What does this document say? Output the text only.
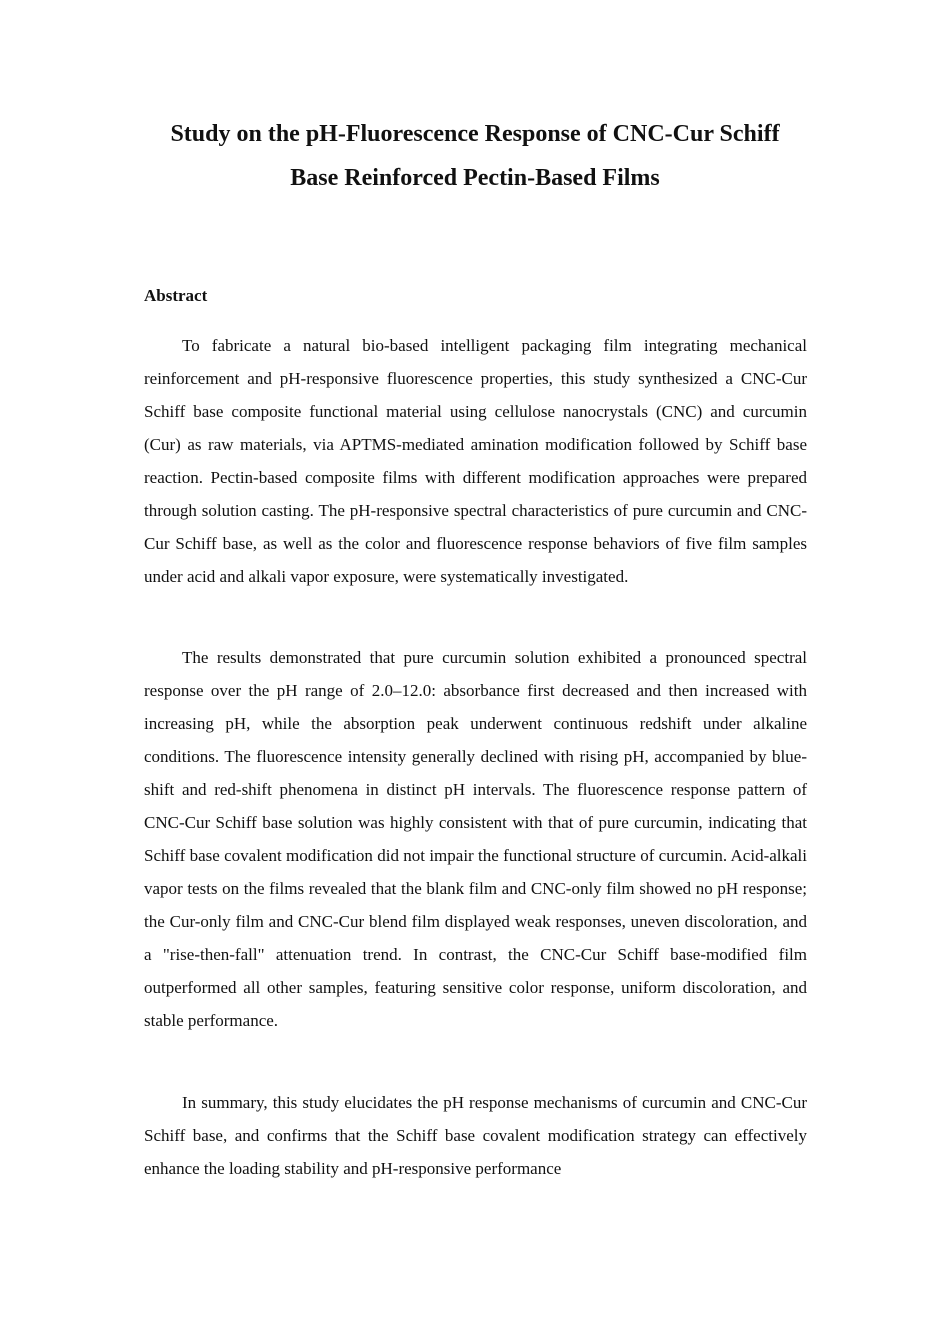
Study on the pH-Fluorescence Response of CNC-Cur Schiff
Base Reinforced Pectin-Based Films
Abstract

To fabricate a natural bio-based intelligent packaging film integrating mechanical reinforcement and pH-responsive fluorescence properties, this study synthesized a CNC-Cur Schiff base composite functional material using cellulose nanocrystals (CNC) and curcumin (Cur) as raw materials, via APTMS-mediated amination modification followed by Schiff base reaction. Pectin-based composite films with different modification approaches were prepared through solution casting. The pH-responsive spectral characteristics of pure curcumin and CNC-Cur Schiff base, as well as the color and fluorescence response behaviors of five film samples under acid and alkali vapor exposure, were systematically investigated.

The results demonstrated that pure curcumin solution exhibited a pronounced spectral response over the pH range of 2.0–12.0: absorbance first decreased and then increased with increasing pH, while the absorption peak underwent continuous redshift under alkaline conditions. The fluorescence intensity generally declined with rising pH, accompanied by blue-shift and red-shift phenomena in distinct pH intervals. The fluorescence response pattern of CNC-Cur Schiff base solution was highly consistent with that of pure curcumin, indicating that Schiff base covalent modification did not impair the functional structure of curcumin. Acid-alkali vapor tests on the films revealed that the blank film and CNC-only film showed no pH response; the Cur-only film and CNC-Cur blend film displayed weak responses, uneven discoloration, and a "rise-then-fall" attenuation trend. In contrast, the CNC-Cur Schiff base-modified film outperformed all other samples, featuring sensitive color response, uniform discoloration, and stable performance.

In summary, this study elucidates the pH response mechanisms of curcumin and CNC-Cur Schiff base, and confirms that the Schiff base covalent modification strategy can effectively enhance the loading stability and pH-responsive performance
